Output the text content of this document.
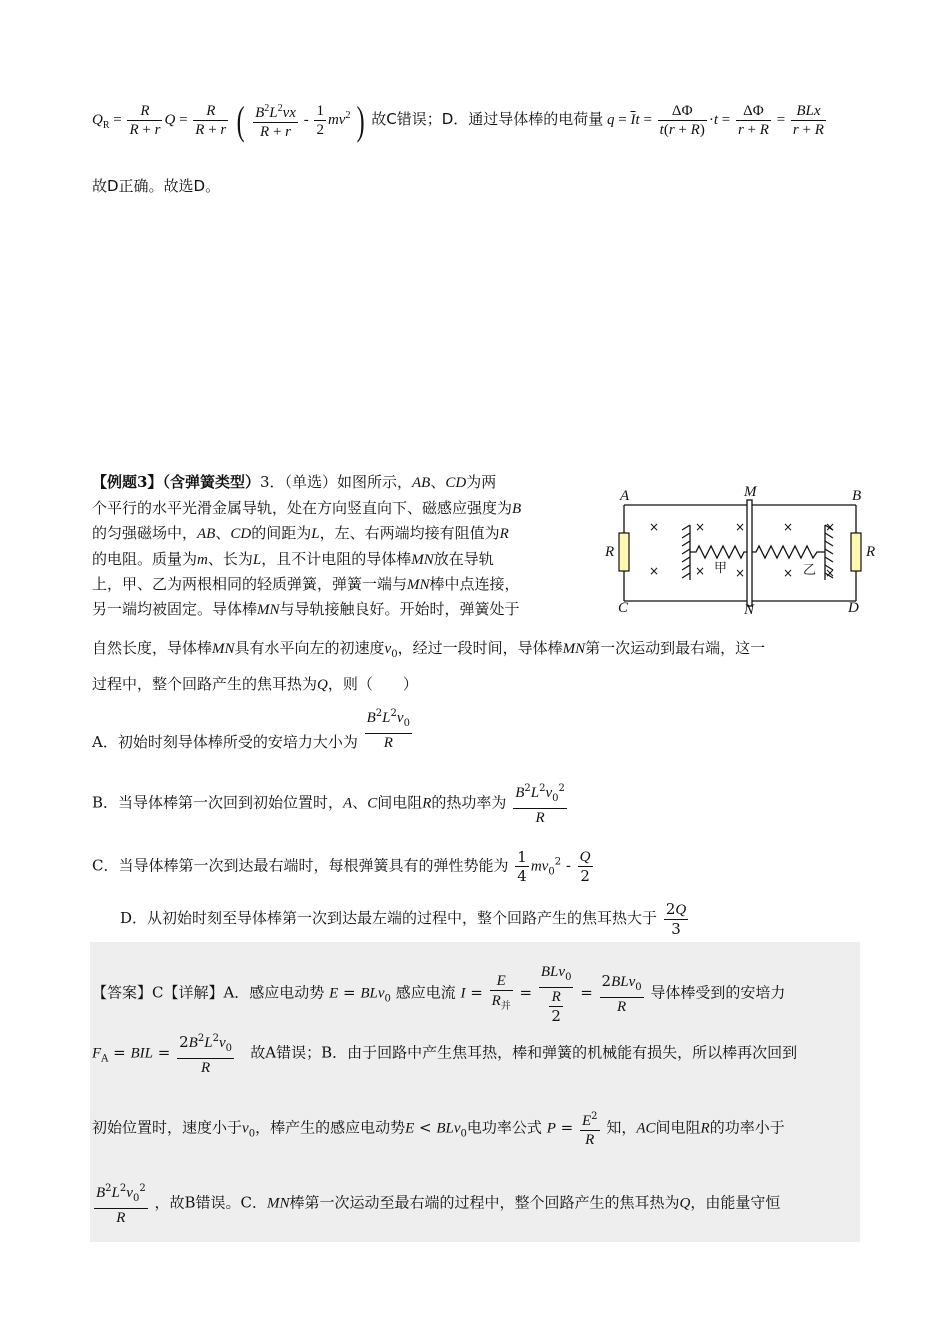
$Q_R = \frac{R}{R + r}$ $Q = \frac{R}{R + r}$ ( $\frac{B^2L^2vx}{R + r} - \frac{1}{2} mv^2$ ) 故C错误；D．通过导体棒的电荷量 $q = \overline{I}t = \frac{\Delta\Phi}{t(r + R)} \cdot t = \frac{\Delta\Phi}{r + R} = \frac{\text{BLx}}{r + R}$
故D正确。故选D。
【例题3】（含弹簧类型）3．（单选）如图所示，AB、CD为两
个平行的水平光滑金属导轨，处在方向竖直向下、磁感应强度为B
的匀强磁场中，AB、CD的间距为L，左、右两端均接有阻值为R
的电阻。质量为m、长为L，且不计电阻的导体棒MN放在导轨
上，甲、乙为两根相同的轻质弹簧，弹簧一端与MN棒中点连接，
另一端均被固定。导体棒MN与导轨接触良好。开始时，弹簧处于
自然长度，导体棒MN具有水平向左的初速度$v_0$，经过一段时间，导体棒MN第一次运动到最右端，这一
过程中，整个回路产生的焦耳热为Q，则（　　）
A．初始时刻导体棒所受的安培力大小为 $\frac{B^2L^2v_0}{R}$
B．当导体棒第一次回到初始位置时，A、C间电阻R的热功率为 $\frac{B^2L^2v_0^2}{R}$
C．当导体棒第一次到达最右端时，每根弹簧具有的弹性势能为 $\frac{1}{4} mv_0^2 - \frac{Q}{2}$
D．从初始时刻至导体棒第一次到达最左端的过程中，整个回路产生的焦耳热大于 $\frac{2Q}{3}$
【答案】C【详解】A．感应电动势 E = BLv$_0$ 感应电流 $I = \frac{E}{R_并} = \frac{BLv_0}{\frac{R}{2}} = \frac{2BLv_0}{R}$ 导体棒受到的安培力
$F_A$ = BIL = $\frac{2B^2L^2v_0}{R}$ 故A错误；B．由于回路中产生焦耳热，棒和弹簧的机械能有损失，所以棒再次回到
初始位置时，速度小于$v_0$，棒产生的感应电动势E < BLv$_0$电功率公式 $P = \frac{E^2}{R}$ 知，AC间电阻R的功率小于
$\frac{B^2L^2v_0^2}{R}$ ，故B错误。C．MN棒第一次运动至最右端的过程中，整个回路产生的焦耳热为Q，由能量守恒
×
×
×
×
×
×
×
×
×
×
A	B
M
C	D
N
R	R
甲	乙
